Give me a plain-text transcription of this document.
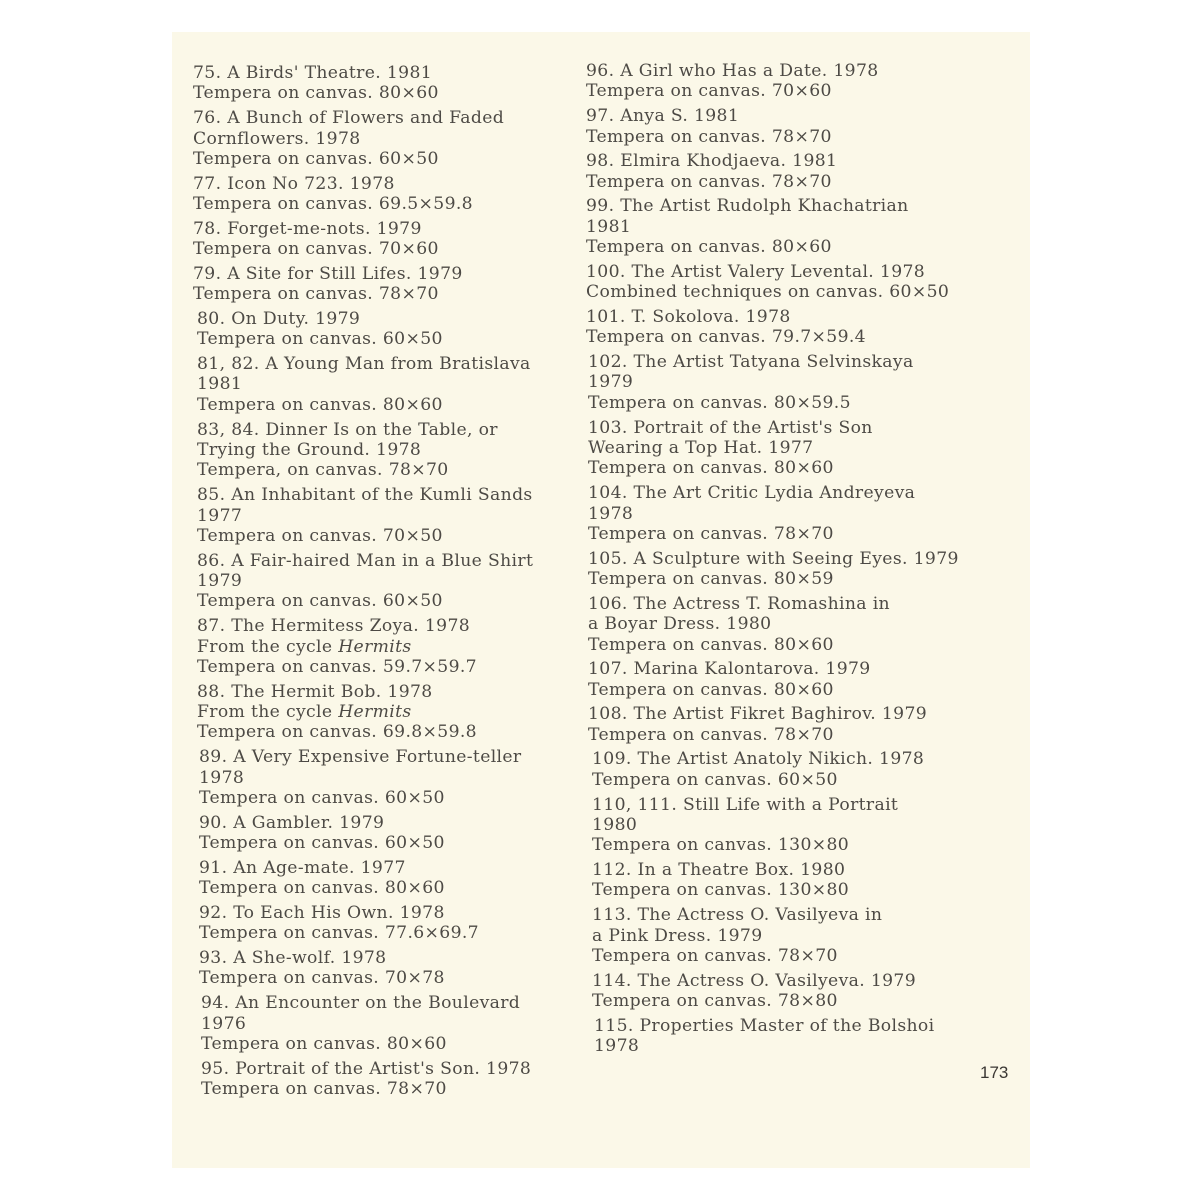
75. A Birds' Theatre. 1981
Tempera on canvas. 80×60
76. A Bunch of Flowers and Faded
Cornflowers. 1978
Tempera on canvas. 60×50
77. Icon No 723. 1978
Tempera on canvas. 69.5×59.8
78. Forget-me-nots. 1979
Tempera on canvas. 70×60
79. A Site for Still Lifes. 1979
Tempera on canvas. 78×70
80. On Duty. 1979
Tempera on canvas. 60×50
81, 82. A Young Man from Bratislava
1981
Tempera on canvas. 80×60
83, 84. Dinner Is on the Table, or
Trying the Ground. 1978
Tempera, on canvas. 78×70
85. An Inhabitant of the Kumli Sands
1977
Tempera on canvas. 70×50
86. A Fair-haired Man in a Blue Shirt
1979
Tempera on canvas. 60×50
87. The Hermitess Zoya. 1978
From the cycle Hermits
Tempera on canvas. 59.7×59.7
88. The Hermit Bob. 1978
From the cycle Hermits
Tempera on canvas. 69.8×59.8
89. A Very Expensive Fortune-teller
1978
Tempera on canvas. 60×50
90. A Gambler. 1979
Tempera on canvas. 60×50
91. An Age-mate. 1977
Tempera on canvas. 80×60
92. To Each His Own. 1978
Tempera on canvas. 77.6×69.7
93. A She-wolf. 1978
Tempera on canvas. 70×78
94. An Encounter on the Boulevard
1976
Tempera on canvas. 80×60
95. Portrait of the Artist's Son. 1978
Tempera on canvas. 78×70
96. A Girl who Has a Date. 1978
Tempera on canvas. 70×60
97. Anya S. 1981
Tempera on canvas. 78×70
98. Elmira Khodjaeva. 1981
Tempera on canvas. 78×70
99. The Artist Rudolph Khachatrian
1981
Tempera on canvas. 80×60
100. The Artist Valery Levental. 1978
Combined techniques on canvas. 60×50
101. T. Sokolova. 1978
Tempera on canvas. 79.7×59.4
102. The Artist Tatyana Selvinskaya
1979
Tempera on canvas. 80×59.5
103. Portrait of the Artist's Son
Wearing a Top Hat. 1977
Tempera on canvas. 80×60
104. The Art Critic Lydia Andreyeva
1978
Tempera on canvas. 78×70
105. A Sculpture with Seeing Eyes. 1979
Tempera on canvas. 80×59
106. The Actress T. Romashina in
a Boyar Dress. 1980
Tempera on canvas. 80×60
107. Marina Kalontarova. 1979
Tempera on canvas. 80×60
108. The Artist Fikret Baghirov. 1979
Tempera on canvas. 78×70
109. The Artist Anatoly Nikich. 1978
Tempera on canvas. 60×50
110, 111. Still Life with a Portrait
1980
Tempera on canvas. 130×80
112. In a Theatre Box. 1980
Tempera on canvas. 130×80
113. The Actress O. Vasilyeva in
a Pink Dress. 1979
Tempera on canvas. 78×70
114. The Actress O. Vasilyeva. 1979
Tempera on canvas. 78×80
115. Properties Master of the Bolshoi
1978
173
